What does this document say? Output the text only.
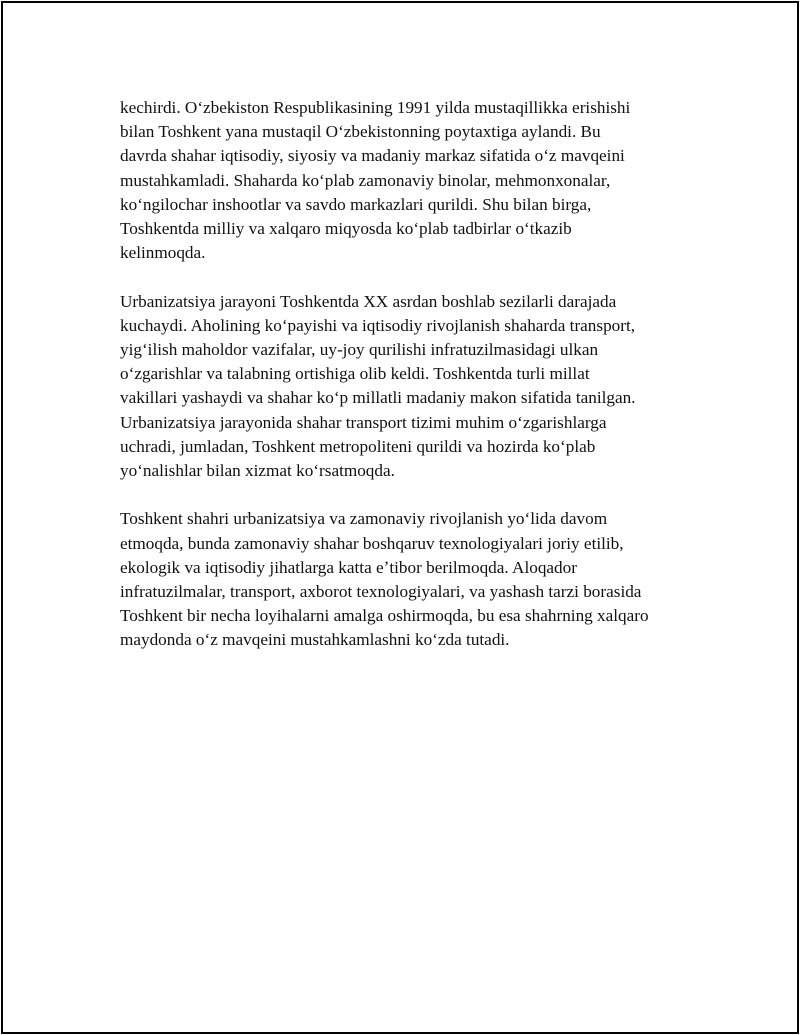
kechirdi. Oʻzbekiston Respublikasining 1991 yilda mustaqillikka erishishi
bilan Toshkent yana mustaqil Oʻzbekistonning poytaxtiga aylandi. Bu
davrda shahar iqtisodiy, siyosiy va madaniy markaz sifatida oʻz mavqeini
mustahkamladi. Shaharda koʻplab zamonaviy binolar, mehmonxonalar,
koʻngilochar inshootlar va savdo markazlari qurildi. Shu bilan birga,
Toshkentda milliy va xalqaro miqyosda koʻplab tadbirlar oʻtkazib
kelinmoqda.

Urbanizatsiya jarayoni Toshkentda XX asrdan boshlab sezilarli darajada
kuchaydi. Aholining koʻpayishi va iqtisodiy rivojlanish shaharda transport,
yigʻilish maholdor vazifalar, uy-joy qurilishi infratuzilmasidagi ulkan
oʻzgarishlar va talabning ortishiga olib keldi. Toshkentda turli millat
vakillari yashaydi va shahar koʻp millatli madaniy makon sifatida tanilgan.
Urbanizatsiya jarayonida shahar transport tizimi muhim oʻzgarishlarga
uchradi, jumladan, Toshkent metropoliteni qurildi va hozirda koʻplab
yoʻnalishlar bilan xizmat koʻrsatmoqda.

Toshkent shahri urbanizatsiya va zamonaviy rivojlanish yoʻlida davom
etmoqda, bunda zamonaviy shahar boshqaruv texnologiyalari joriy etilib,
ekologik va iqtisodiy jihatlarga katta eʼtibor berilmoqda. Aloqador
infratuzilmalar, transport, axborot texnologiyalari, va yashash tarzi borasida
Toshkent bir necha loyihalarni amalga oshirmoqda, bu esa shahrning xalqaro
maydonda oʻz mavqeini mustahkamlashni koʻzda tutadi.
